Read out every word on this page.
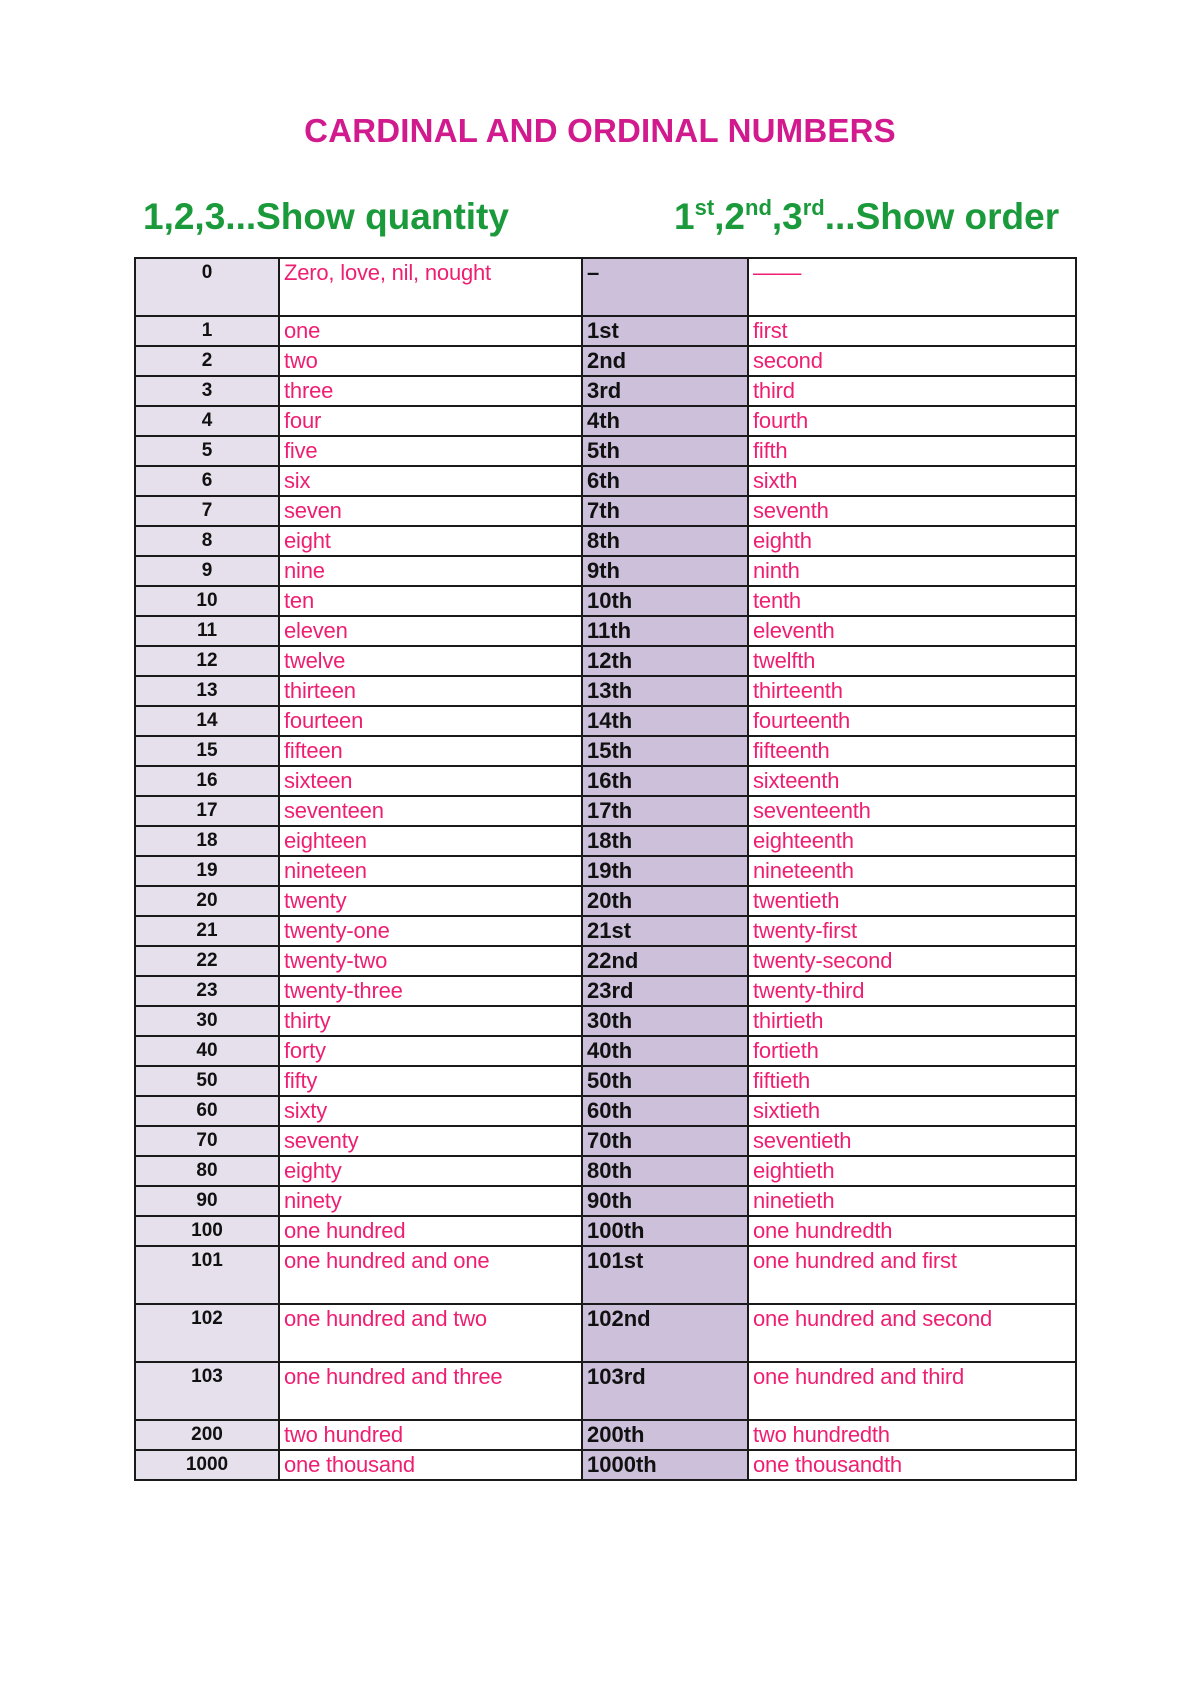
CARDINAL AND ORDINAL NUMBERS
1,2,3...Show quantity	1st,2nd,3rd...Show order
0	Zero, love, nil, nought	–	––––
1	one	1st	first
2	two	2nd	second
3	three	3rd	third
4	four	4th	fourth
5	five	5th	fifth
6	six	6th	sixth
7	seven	7th	seventh
8	eight	8th	eighth
9	nine	9th	ninth
10	ten	10th	tenth
11	eleven	11th	eleventh
12	twelve	12th	twelfth
13	thirteen	13th	thirteenth
14	fourteen	14th	fourteenth
15	fifteen	15th	fifteenth
16	sixteen	16th	sixteenth
17	seventeen	17th	seventeenth
18	eighteen	18th	eighteenth
19	nineteen	19th	nineteenth
20	twenty	20th	twentieth
21	twenty-one	21st	twenty-first
22	twenty-two	22nd	twenty-second
23	twenty-three	23rd	twenty-third
30	thirty	30th	thirtieth
40	forty	40th	fortieth
50	fifty	50th	fiftieth
60	sixty	60th	sixtieth
70	seventy	70th	seventieth
80	eighty	80th	eightieth
90	ninety	90th	ninetieth
100	one hundred	100th	one hundredth
101	one hundred and one	101st	one hundred and first
102	one hundred and two	102nd	one hundred and second
103	one hundred and three	103rd	one hundred and third
200	two hundred	200th	two hundredth
1000	one thousand	1000th	one thousandth
